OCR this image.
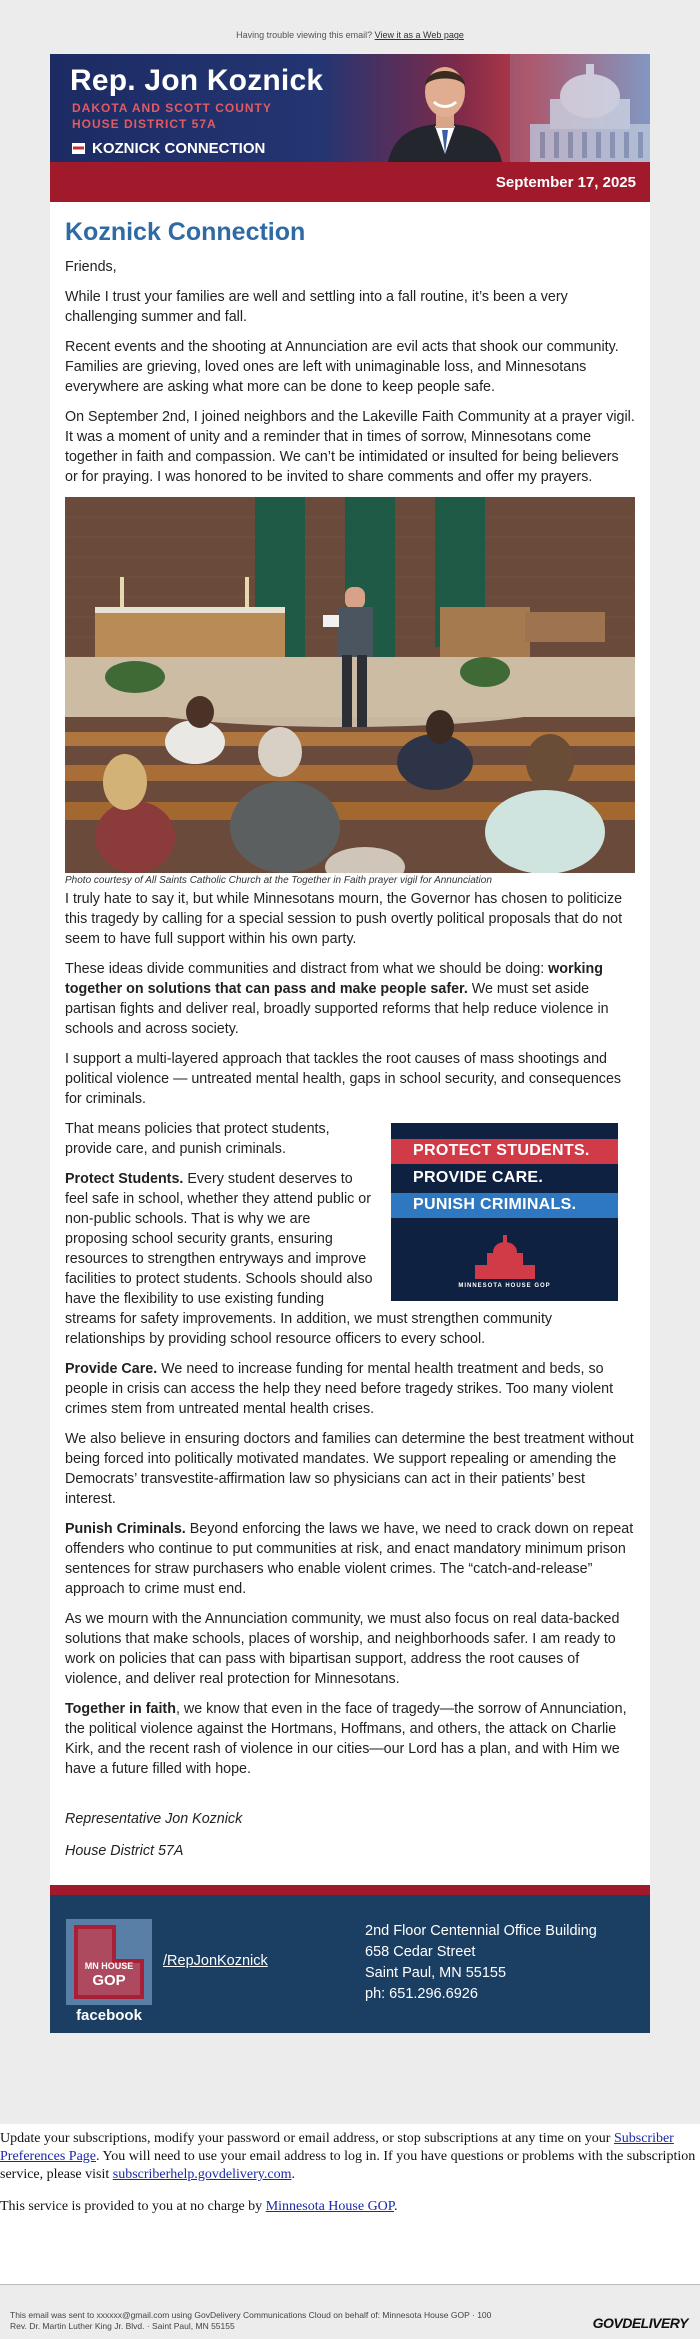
Having trouble viewing this email? View it as a Web page
Rep. Jon Koznick
DAKOTA AND SCOTT COUNTY
HOUSE DISTRICT 57A
KOZNICK CONNECTION
September 17, 2025
Koznick Connection

Friends,

While I trust your families are well and settling into a fall routine, it’s been a very challenging summer and fall.

Recent events and the shooting at Annunciation are evil acts that shook our community. Families are grieving, loved ones are left with unimaginable loss, and Minnesotans everywhere are asking what more can be done to keep people safe.

On September 2nd, I joined neighbors and the Lakeville Faith Community at a prayer vigil. It was a moment of unity and a reminder that in times of sorrow, Minnesotans come together in faith and compassion. We can’t be intimidated or insulted for being believers or for praying. I was honored to be invited to share comments and offer my prayers.

Photo courtesy of All Saints Catholic Church at the Together in Faith prayer vigil for Annunciation

I truly hate to say it, but while Minnesotans mourn, the Governor has chosen to politicize this tragedy by calling for a special session to push overtly political proposals that do not seem to have full support within his own party.

These ideas divide communities and distract from what we should be doing: working together on solutions that can pass and make people safer. We must set aside partisan fights and deliver real, broadly supported reforms that help reduce violence in schools and across society.

I support a multi-layered approach that tackles the root causes of mass shootings and political violence — untreated mental health, gaps in school security, and consequences for criminals.

PROTECT STUDENTS.
PROVIDE CARE.
PUNISH CRIMINALS.
MINNESOTA HOUSE GOP

That means policies that protect students, provide care, and punish criminals.

Protect Students. Every student deserves to feel safe in school, whether they attend public or non-public schools. That is why we are proposing school security grants, ensuring resources to strengthen entryways and improve facilities to protect students. Schools should also have the flexibility to use existing funding streams for safety improvements. In addition, we must strengthen community relationships by providing school resource officers to every school.

Provide Care. We need to increase funding for mental health treatment and beds, so people in crisis can access the help they need before tragedy strikes. Too many violent crimes stem from untreated mental health crises.

We also believe in ensuring doctors and families can determine the best treatment without being forced into politically motivated mandates. We support repealing or amending the Democrats’ transvestite-affirmation law so physicians can act in their patients’ best interest.

Punish Criminals. Beyond enforcing the laws we have, we need to crack down on repeat offenders who continue to put communities at risk, and enact mandatory minimum prison sentences for straw purchasers who enable violent crimes. The “catch-and-release” approach to crime must end.

As we mourn with the Annunciation community, we must also focus on real data-backed solutions that make schools, places of worship, and neighborhoods safer. I am ready to work on policies that can pass with bipartisan support, address the root causes of violence, and deliver real protection for Minnesotans.

Together in faith, we know that even in the face of tragedy—the sorrow of Annunciation, the political violence against the Hortmans, Hoffmans, and others, the attack on Charlie Kirk, and the recent rash of violence in our cities—our Lord has a plan, and with Him we have a future filled with hope.

Representative Jon Koznick

House District 57A

MN HOUSE
GOP
facebook
/RepJonKoznick
2nd Floor Centennial Office Building
658 Cedar Street
Saint Paul, MN 55155
ph: 651.296.6926

Update your subscriptions, modify your password or email address, or stop subscriptions at any time on your Subscriber Preferences Page. You will need to use your email address to log in. If you have questions or problems with the subscription service, please visit subscriberhelp.govdelivery.com.

This service is provided to you at no charge by Minnesota House GOP.

This email was sent to xxxxxx@gmail.com using GovDelivery Communications Cloud on behalf of: Minnesota House GOP · 100
Rev. Dr. Martin Luther King Jr. Blvd. · Saint Paul, MN 55155	GOVDELIVERY
